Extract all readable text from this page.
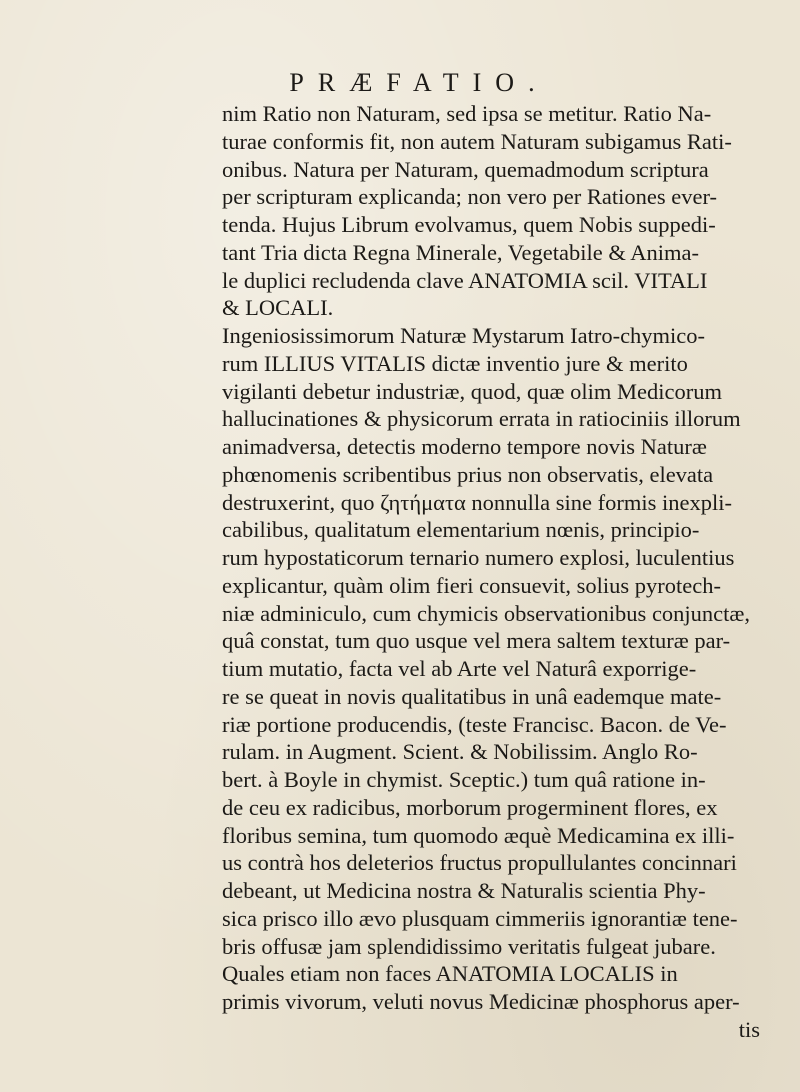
PRÆFATIO.
nim Ratio non Naturam, sed ipsa se metitur. Ratio Na-
turae conformis fit, non autem Naturam subigamus Rati-
onibus. Natura per Naturam, quemadmodum scriptura
per scripturam explicanda; non vero per Rationes ever-
tenda. Hujus Librum evolvamus, quem Nobis suppedi-
tant Tria dicta Regna Minerale, Vegetabile & Anima-
le duplici recludenda clave ANATOMIA scil. VITALI
& LOCALI.
Ingeniosissimorum Naturæ Mystarum Iatro-chymico-
rum ILLIUS VITALIS dictæ inventio jure & merito
vigilanti debetur industriæ, quod, quæ olim Medicorum
hallucinationes & physicorum errata in ratiociniis illorum
animadversa, detectis moderno tempore novis Naturæ
phœnomenis scribentibus prius non observatis, elevata
destruxerint, quo ζητήματα nonnulla sine formis inexpli-
cabilibus, qualitatum elementarium nœnis, principio-
rum hypostaticorum ternario numero explosi, luculentius
explicantur, quàm olim fieri consuevit, solius pyrotech-
niæ adminiculo, cum chymicis observationibus conjunctæ,
quâ constat, tum quo usque vel mera saltem texturæ par-
tium mutatio, facta vel ab Arte vel Naturâ exporrige-
re se queat in novis qualitatibus in unâ eademque mate-
riæ portione producendis, (teste Francisc. Bacon. de Ve-
rulam. in Augment. Scient. & Nobilissim. Anglo Ro-
bert. à Boyle in chymist. Sceptic.) tum quâ ratione in-
de ceu ex radicibus, morborum progerminent flores, ex
floribus semina, tum quomodo æquè Medicamina ex illi-
us contrà hos deleterios fructus propullulantes concinnari
debeant, ut Medicina nostra & Naturalis scientia Phy-
sica prisco illo ævo plusquam cimmeriis ignorantiæ tene-
bris offusæ jam splendidissimo veritatis fulgeat jubare.
Quales etiam non faces ANATOMIA LOCALIS in
primis vivorum, veluti novus Medicinæ phosphorus aper-
tis
